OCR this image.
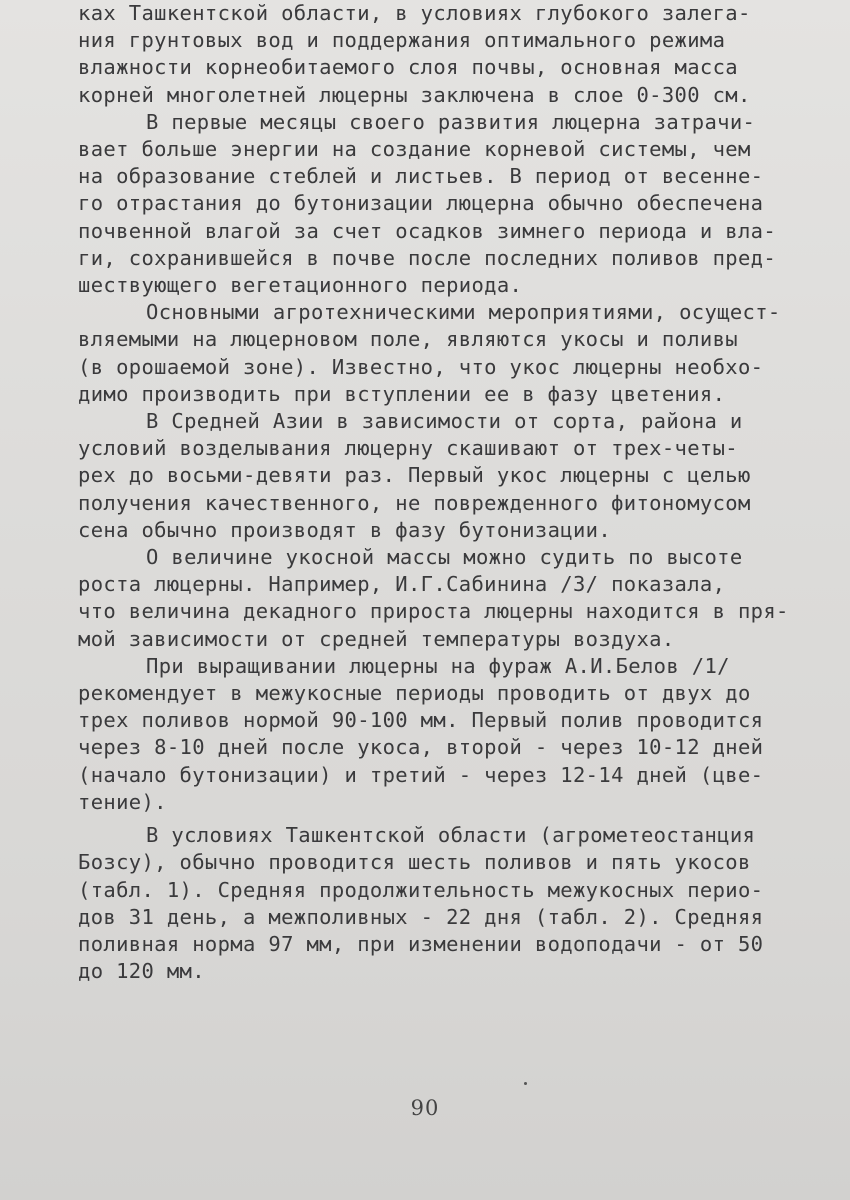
ках Ташкентской области, в условиях глубокого залега-
ния грунтовых вод и поддержания оптимального режима
влажности корнеобитаемого слоя почвы, основная масса
корней многолетней люцерны заключена в слое 0-300 см.

В первые месяцы своего развития люцерна затрачи-
вает больше энергии на создание корневой системы, чем
на образование стеблей и листьев. В период от весенне-
го отрастания до бутонизации люцерна обычно обеспечена
почвенной влагой за счет осадков зимнего периода и вла-
ги, сохранившейся в почве после последних поливов пред-
шествующего вегетационного периода.

Основными агротехническими мероприятиями, осущест-
вляемыми на люцерновом поле, являются укосы и поливы
(в орошаемой зоне). Известно, что укос люцерны необхо-
димо производить при вступлении ее в фазу цветения.

В Средней Азии в зависимости от сорта, района и
условий возделывания люцерну скашивают от трех-четы-
рех до восьми-девяти раз. Первый укос люцерны с целью
получения качественного, не поврежденного фитономусом
сена обычно производят в фазу бутонизации.

О величине укосной массы можно судить по высоте
роста люцерны. Например, И.Г.Сабинина /3/ показала,
что величина декадного прироста люцерны находится в пря-
мой зависимости от средней температуры воздуха.

При выращивании люцерны на фураж А.И.Белов /1/
рекомендует в межукосные периоды проводить от двух до
трех поливов нормой 90-100 мм. Первый полив проводится
через 8-10 дней после укоса, второй - через 10-12 дней
(начало бутонизации) и третий - через 12-14 дней (цве-
тение).

В условиях Ташкентской области (агрометеостанция
Бозсу), обычно проводится шесть поливов и пять укосов
(табл. 1). Средняя продолжительность межукосных перио-
дов 31 день, а межполивных - 22 дня (табл. 2). Средняя
поливная норма 97 мм, при изменении водоподачи - от 50
до 120 мм.

90
